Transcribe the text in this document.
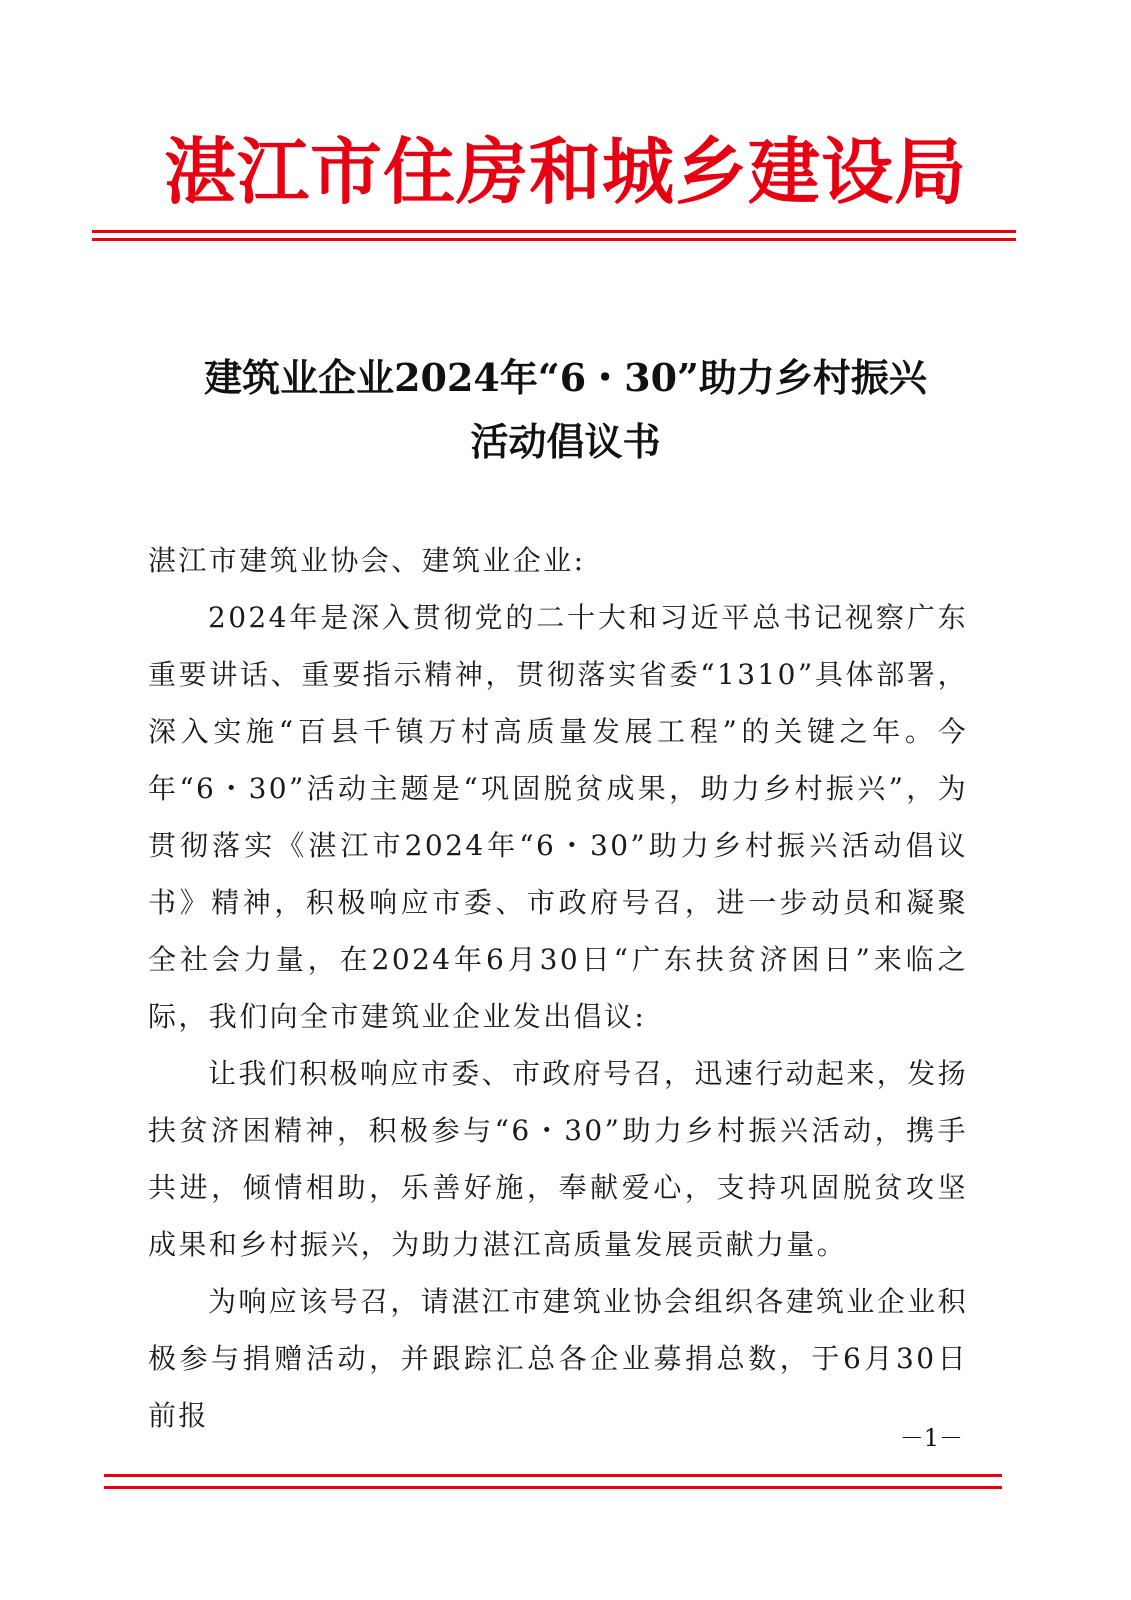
湛江市住房和城乡建设局
建筑业企业2024年“6・30”助力乡村振兴
活动倡议书

湛江市建筑业协会、建筑业企业:

2024年是深入贯彻党的二十大和习近平总书记视察广东重要讲话、重要指示精神，贯彻落实省委“1310”具体部署，深入实施“百县千镇万村高质量发展工程”的关键之年。今年“6・30”活动主题是“巩固脱贫成果，助力乡村振兴”，为贯彻落实《湛江市2024年“6・30”助力乡村振兴活动倡议书》精神，积极响应市委、市政府号召，进一步动员和凝聚全社会力量，在2024年6月30日“广东扶贫济困日”来临之际，我们向全市建筑业企业发出倡议:

让我们积极响应市委、市政府号召，迅速行动起来，发扬扶贫济困精神，积极参与“6・30”助力乡村振兴活动，携手共进，倾情相助，乐善好施，奉献爱心，支持巩固脱贫攻坚成果和乡村振兴，为助力湛江高质量发展贡献力量。

为响应该号召，请湛江市建筑业协会组织各建筑业企业积极参与捐赠活动，并跟踪汇总各企业募捐总数，于6月30日前报

－1－
